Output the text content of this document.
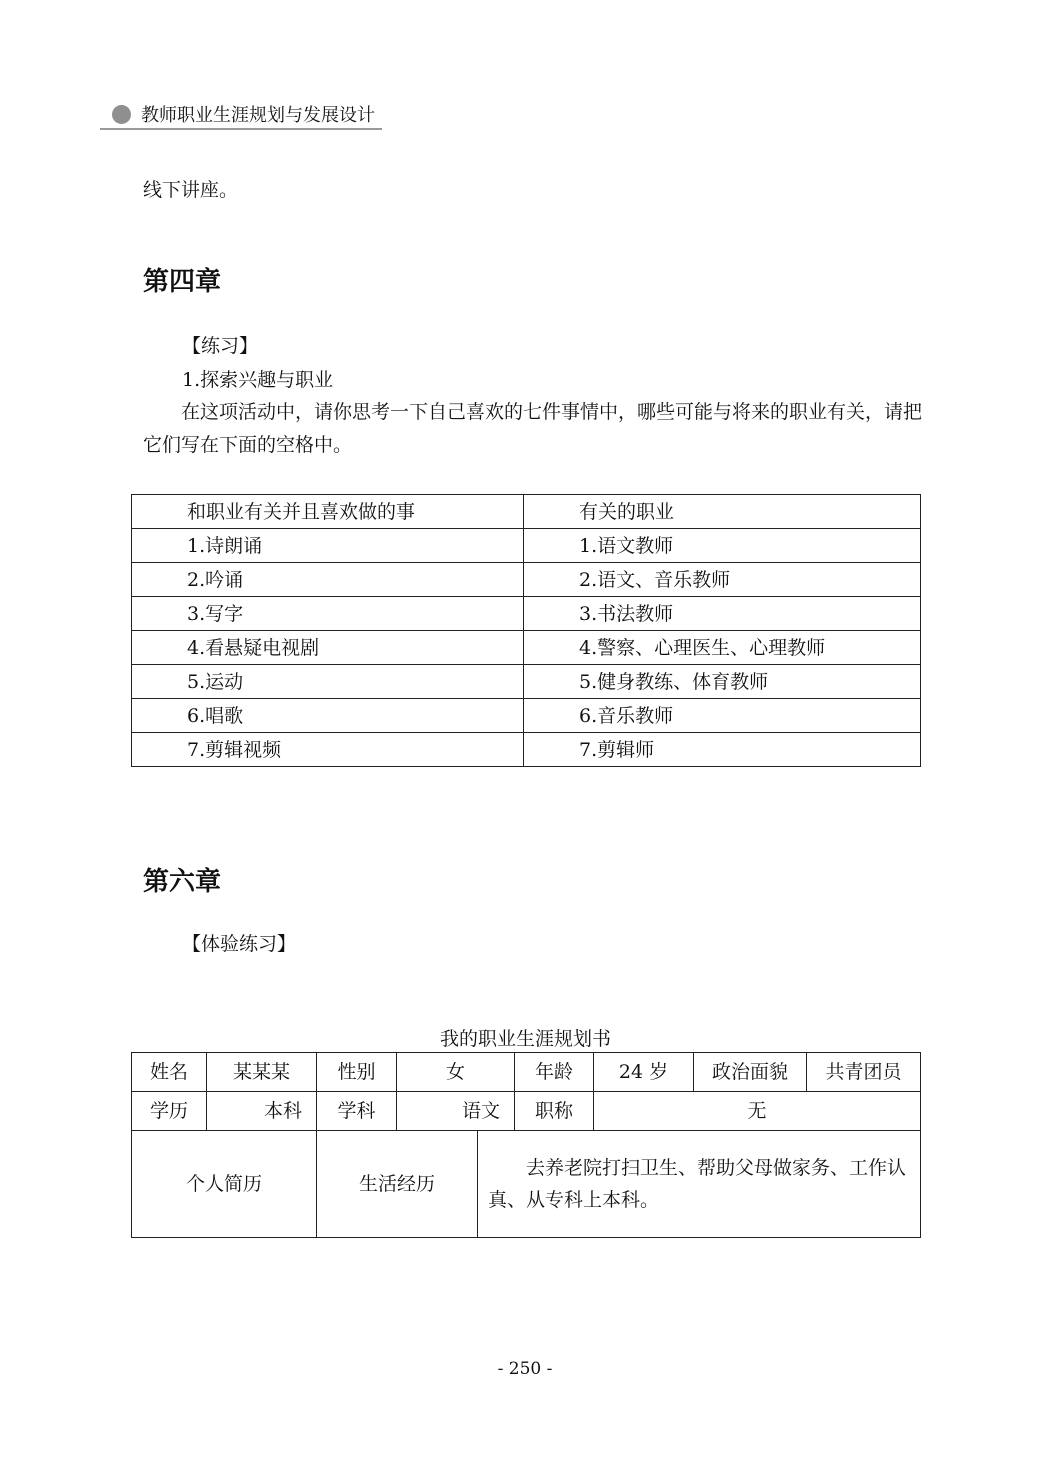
教师职业生涯规划与发展设计
线下讲座。
第四章
【练习】
1.探索兴趣与职业
在这项活动中，请你思考一下自己喜欢的七件事情中，哪些可能与将来的职业有关，请把它们写在下面的空格中。
和职业有关并且喜欢做的事	有关的职业
1.诗朗诵	1.语文教师
2.吟诵	2.语文、音乐教师
3.写字	3.书法教师
4.看悬疑电视剧	4.警察、心理医生、心理教师
5.运动	5.健身教练、体育教师
6.唱歌	6.音乐教师
7.剪辑视频	7.剪辑师
第六章
【体验练习】
我的职业生涯规划书
姓名	某某某	性别	女		年龄	24 岁	政治面貌	共青团员
学历	本科	学科	语文		职称	无		
个人简历		生活经历		去养老院打扫卫生、帮助父母做家务、工作认真、从专科上本科。				
- 250 -
